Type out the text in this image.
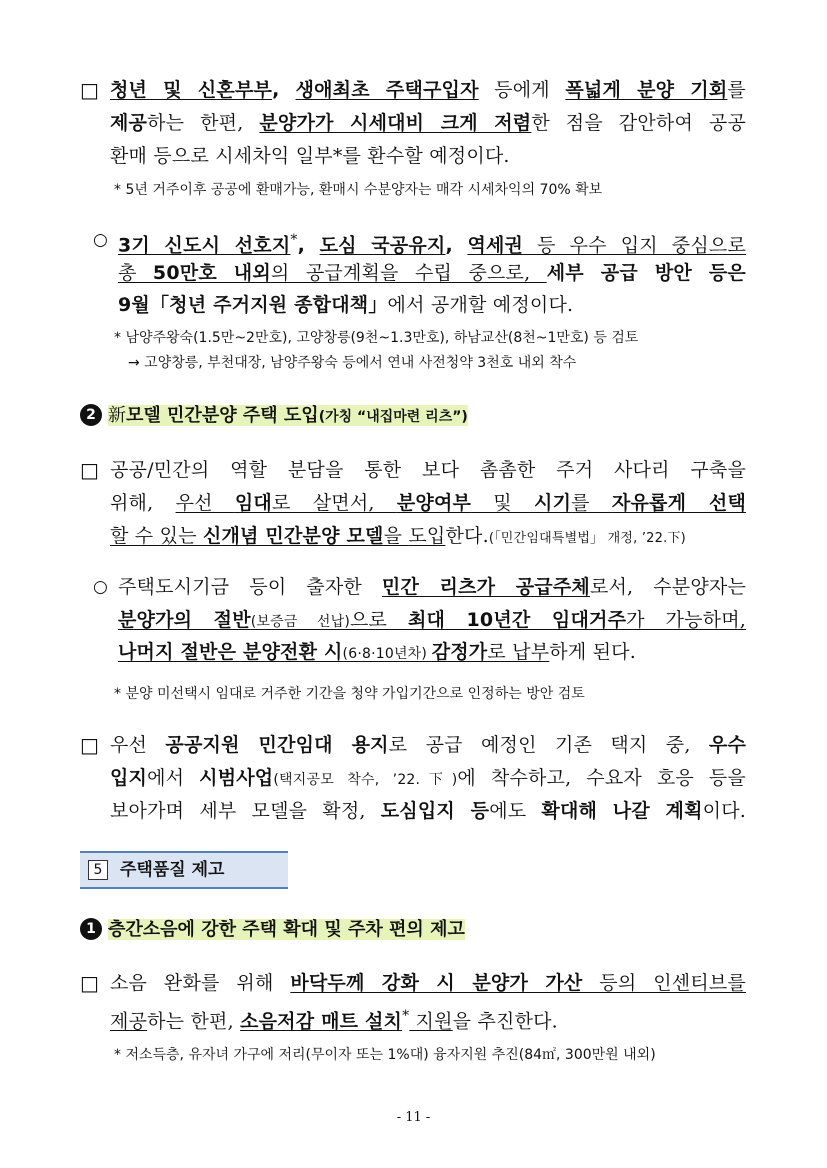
□ 청년 및 신혼부부, 생애최초 주택구입자 등에게 폭넓게 분양 기회를
제공하는 한편, 분양가가 시세대비 크게 저렴한 점을 감안하여 공공
환매 등으로 시세차익 일부*를 환수할 예정이다.
* 5년 거주이후 공공에 환매가능, 환매시 수분양자는 매각 시세차익의 70% 확보
○ 3기 신도시 선호지*, 도심 국공유지, 역세권 등 우수 입지 중심으로
총 50만호 내외의 공급계획을 수립 중으로, 세부 공급 방안 등은
9월「청년 주거지원 종합대책」에서 공개할 예정이다.
* 남양주왕숙(1.5만~2만호), 고양창릉(9천~1.3만호), 하남교산(8천~1만호) 등 검토
→ 고양창릉, 부천대장, 남양주왕숙 등에서 연내 사전청약 3천호 내외 착수
2 新모델 민간분양 주택 도입(가칭 “내집마련 리츠”)
□ 공공/민간의 역할 분담을 통한 보다 촘촘한 주거 사다리 구축을
위해, 우선 임대로 살면서, 분양여부 및 시기를 자유롭게 선택
할 수 있는 신개념 민간분양 모델을 도입한다.(「민간임대특별법」 개정, ’22.下)
○ 주택도시기금 등이 출자한 민간 리츠가 공급주체로서, 수분양자는
분양가의 절반(보증금 선납)으로 최대 10년간 임대거주가 가능하며,
나머지 절반은 분양전환 시(6·8·10년차) 감정가로 납부하게 된다.
* 분양 미선택시 임대로 거주한 기간을 청약 가입기간으로 인정하는 방안 검토
□ 우선 공공지원 민간임대 용지로 공급 예정인 기존 택지 중, 우수
입지에서 시범사업(택지공모 착수, ’22.下)에 착수하고, 수요자 호응 등을
보아가며 세부 모델을 확정, 도심입지 등에도 확대해 나갈 계획이다.
5	주택품질 제고
1 층간소음에 강한 주택 확대 및 주차 편의 제고
□ 소음 완화를 위해 바닥두께 강화 시 분양가 가산 등의 인센티브를
제공하는 한편, 소음저감 매트 설치* 지원을 추진한다.
* 저소득층, 유자녀 가구에 저리(무이자 또는 1%대) 융자지원 추진(84㎡, 300만원 내외)
- 11 -
